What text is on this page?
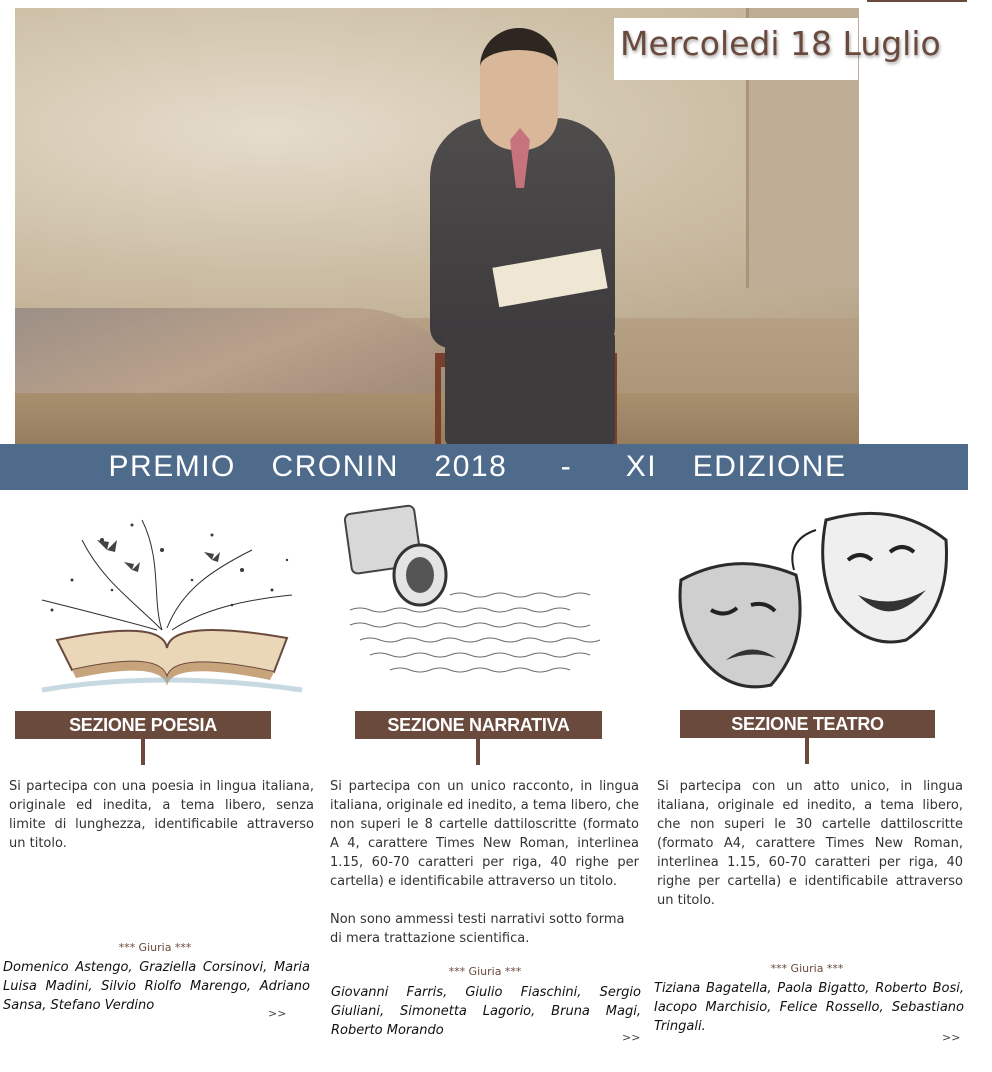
Mercoledi 18 Luglio
PREMIO  CRONIN  2018   -   XI  EDIZIONE
SEZIONE POESIA

Si partecipa con una poesia in lingua italiana, originale ed inedita, a tema libero, senza limite di lunghezza, identificabile attraverso un titolo.

*** Giuria ***

Domenico Astengo, Graziella Corsinovi, Maria Luisa Madini, Silvio Riolfo Marengo, Adriano Sansa, Stefano Verdino

>>
SEZIONE NARRATIVA

Si partecipa con un unico racconto, in lingua italiana, originale ed inedito, a tema libero, che non superi le 8 cartelle dattiloscritte (formato A 4, carattere Times New Roman, interlinea 1.15, 60-70 caratteri per riga, 40 righe per cartella) e identificabile attraverso un titolo.

Non sono ammessi testi narrativi sotto forma di mera trattazione scientifica.

*** Giuria ***

Giovanni Farris, Giulio Fiaschini, Sergio Giuliani, Simonetta Lagorio, Bruna Magi, Roberto Morando	>>
SEZIONE TEATRO

Si partecipa con un atto unico, in lingua italiana, originale ed inedito, a tema libero, che non superi le 30 cartelle dattiloscritte (formato A4, carattere Times New Roman, interlinea 1.15, 60-70 caratteri per riga, 40 righe per cartella) e identificabile attraverso un titolo.

*** Giuria ***

Tiziana Bagatella, Paola Bigatto, Roberto Bosi, Iacopo Marchisio, Felice Rossello, Sebastiano Tringali.

>>
